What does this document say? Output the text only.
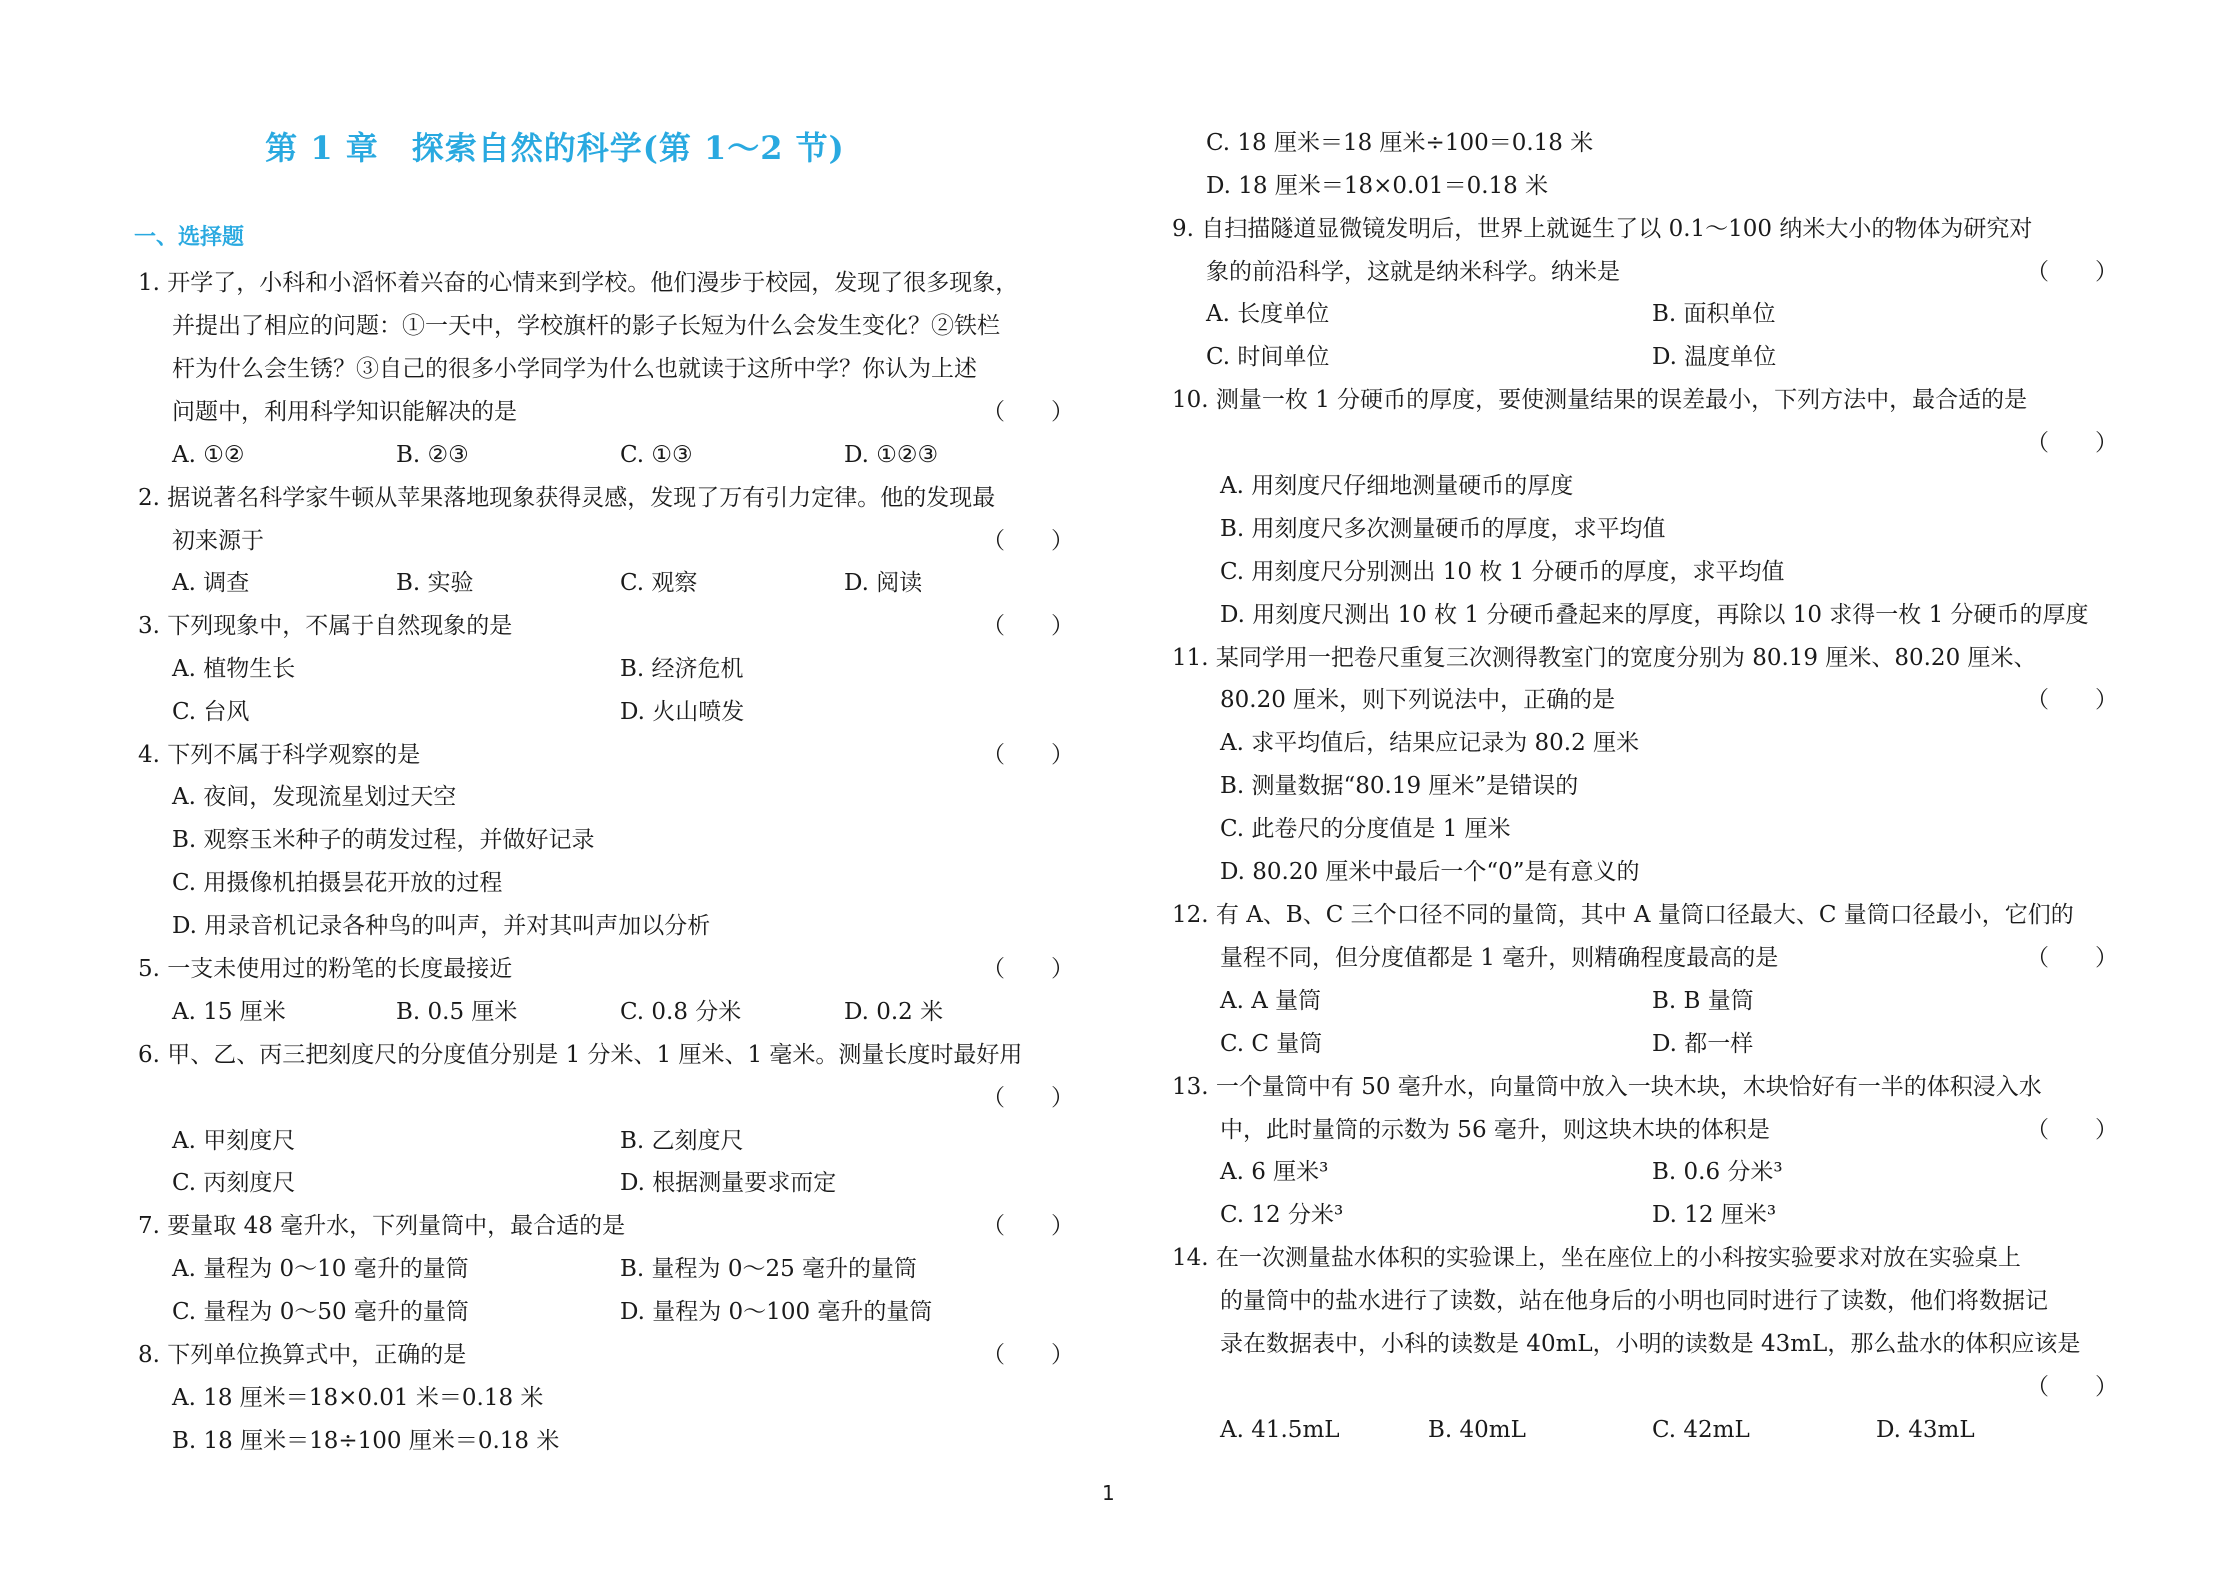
第 1 章　探索自然的科学(第 1～2 节)
一、选择题
1. 开学了，小科和小滔怀着兴奋的心情来到学校。他们漫步于校园，发现了很多现象，
并提出了相应的问题：①一天中，学校旗杆的影子长短为什么会发生变化？②铁栏
杆为什么会生锈？③自己的很多小学同学为什么也就读于这所中学？你认为上述
问题中，利用科学知识能解决的是	（　　）
A. ①②	B. ②③	C. ①③	D. ①②③
2. 据说著名科学家牛顿从苹果落地现象获得灵感，发现了万有引力定律。他的发现最
初来源于	（　　）
A. 调查	B. 实验	C. 观察	D. 阅读
3. 下列现象中，不属于自然现象的是	（　　）
A. 植物生长	B. 经济危机
C. 台风	D. 火山喷发
4. 下列不属于科学观察的是	（　　）
A. 夜间，发现流星划过天空
B. 观察玉米种子的萌发过程，并做好记录
C. 用摄像机拍摄昙花开放的过程
D. 用录音机记录各种鸟的叫声，并对其叫声加以分析
5. 一支未使用过的粉笔的长度最接近	（　　）
A. 15 厘米	B. 0.5 厘米	C. 0.8 分米	D. 0.2 米
6. 甲、乙、丙三把刻度尺的分度值分别是 1 分米、1 厘米、1 毫米。测量长度时最好用
（　　）
A. 甲刻度尺	B. 乙刻度尺
C. 丙刻度尺	D. 根据测量要求而定
7. 要量取 48 毫升水，下列量筒中，最合适的是	（　　）
A. 量程为 0～10 毫升的量筒	B. 量程为 0～25 毫升的量筒
C. 量程为 0～50 毫升的量筒	D. 量程为 0～100 毫升的量筒
8. 下列单位换算式中，正确的是	（　　）
A. 18 厘米＝18×0.01 米＝0.18 米
B. 18 厘米＝18÷100 厘米＝0.18 米
C. 18 厘米＝18 厘米÷100＝0.18 米
D. 18 厘米＝18×0.01＝0.18 米
9. 自扫描隧道显微镜发明后，世界上就诞生了以 0.1～100 纳米大小的物体为研究对
象的前沿科学，这就是纳米科学。纳米是	（　　）
A. 长度单位	B. 面积单位
C. 时间单位	D. 温度单位
10. 测量一枚 1 分硬币的厚度，要使测量结果的误差最小，下列方法中，最合适的是
（　　）
A. 用刻度尺仔细地测量硬币的厚度
B. 用刻度尺多次测量硬币的厚度，求平均值
C. 用刻度尺分别测出 10 枚 1 分硬币的厚度，求平均值
D. 用刻度尺测出 10 枚 1 分硬币叠起来的厚度，再除以 10 求得一枚 1 分硬币的厚度
11. 某同学用一把卷尺重复三次测得教室门的宽度分别为 80.19 厘米、80.20 厘米、
80.20 厘米，则下列说法中，正确的是	（　　）
A. 求平均值后，结果应记录为 80.2 厘米
B. 测量数据“80.19 厘米”是错误的
C. 此卷尺的分度值是 1 厘米
D. 80.20 厘米中最后一个“0”是有意义的
12. 有 A、B、C 三个口径不同的量筒，其中 A 量筒口径最大、C 量筒口径最小，它们的
量程不同，但分度值都是 1 毫升，则精确程度最高的是	（　　）
A. A 量筒	B. B 量筒
C. C 量筒	D. 都一样
13. 一个量筒中有 50 毫升水，向量筒中放入一块木块，木块恰好有一半的体积浸入水
中，此时量筒的示数为 56 毫升，则这块木块的体积是	（　　）
A. 6 厘米³	B. 0.6 分米³
C. 12 分米³	D. 12 厘米³
14. 在一次测量盐水体积的实验课上，坐在座位上的小科按实验要求对放在实验桌上
的量筒中的盐水进行了读数，站在他身后的小明也同时进行了读数，他们将数据记
录在数据表中，小科的读数是 40mL，小明的读数是 43mL，那么盐水的体积应该是
（　　）
A. 41.5mL	B. 40mL	C. 42mL	D. 43mL
1
